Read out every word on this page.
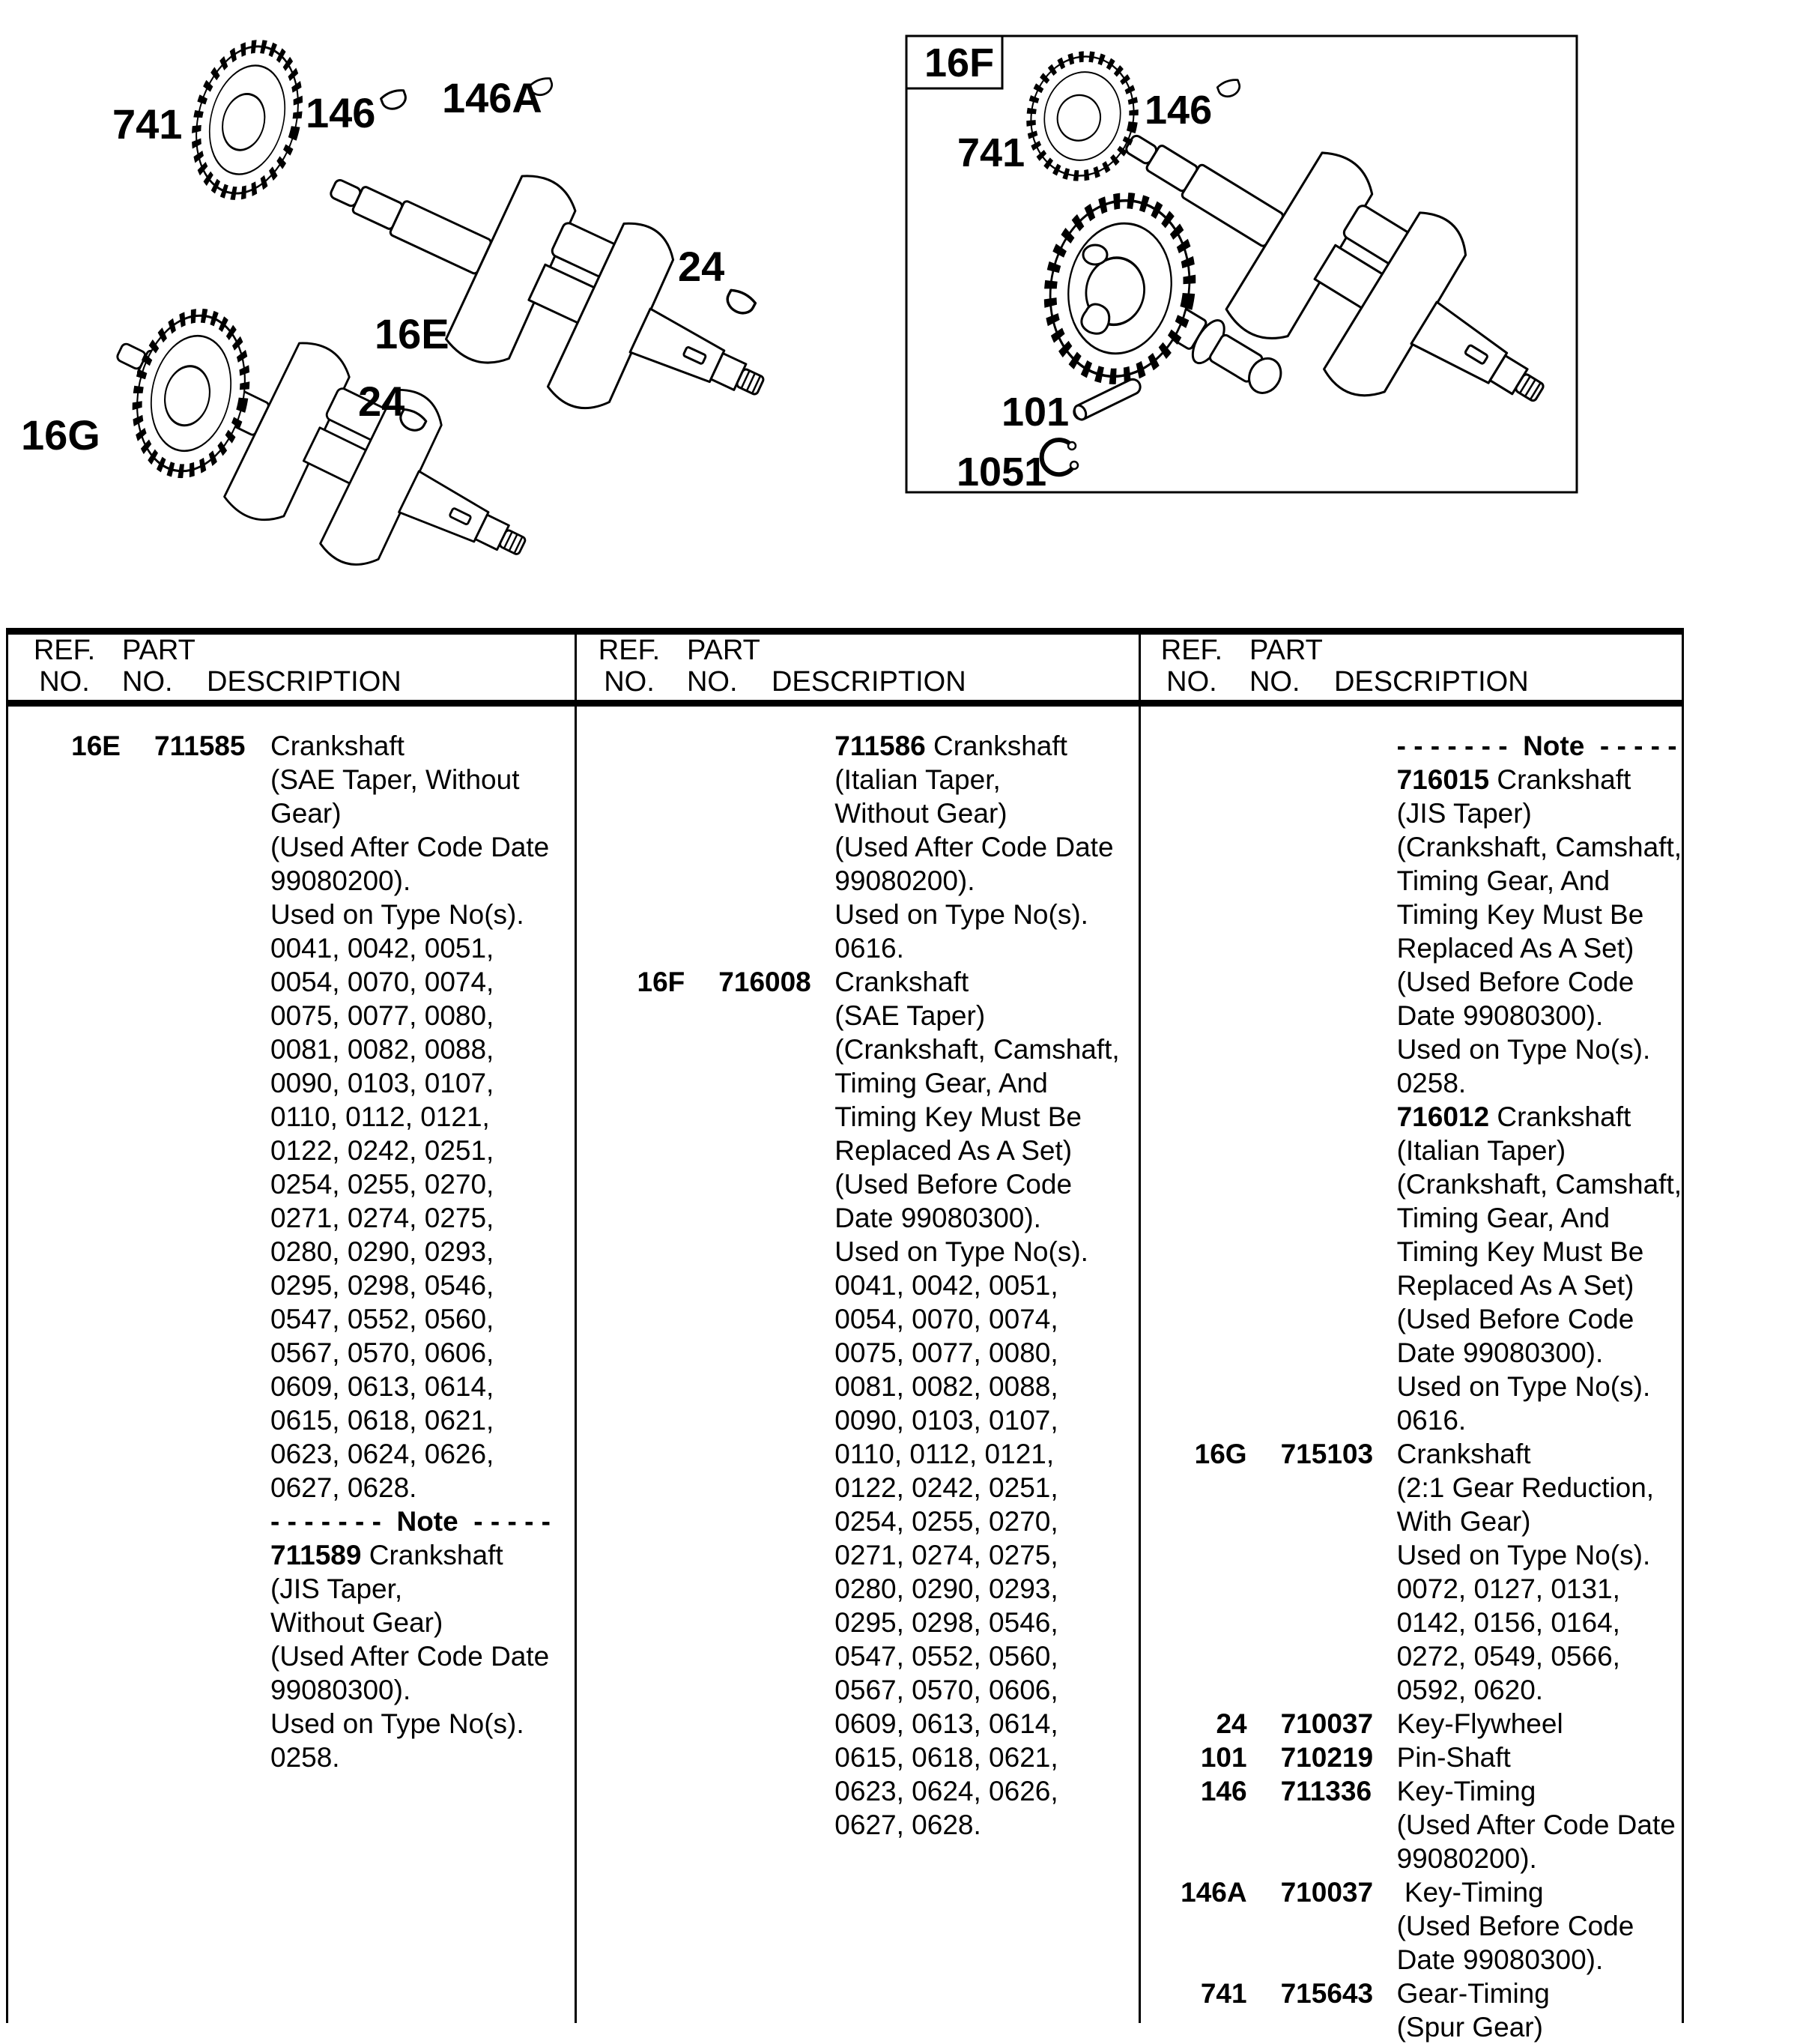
741	146 146A
24
16E
24
16G
16F
741
146
101
1051
REF.
NO.
PART
NO.	DESCRIPTION
REF.
NO.
PART
NO.	DESCRIPTION
REF.
NO.
PART
NO.	DESCRIPTION
16E	711585 Crankshaft
(SAE Taper, Without
Gear)
(Used After Code Date
99080200).
Used on Type No(s).
0041, 0042, 0051,
0054, 0070, 0074,
0075, 0077, 0080,
0081, 0082, 0088,
0090, 0103, 0107,
0110, 0112, 0121,
0122, 0242, 0251,
0254, 0255, 0270,
0271, 0274, 0275,
0280, 0290, 0293,
0295, 0298, 0546,
0547, 0552, 0560,
0567, 0570, 0606,
0609, 0613, 0614,
0615, 0618, 0621,
0623, 0624, 0626,
0627, 0628.
- - - - - - -  Note  - - - - -
711589 Crankshaft
(JIS Taper,
Without Gear)
(Used After Code Date
99080300).
Used on Type No(s).
0258.
711586 Crankshaft
(Italian Taper,
Without Gear)
(Used After Code Date
99080200).
Used on Type No(s).
0616.
16F	716008 Crankshaft
(SAE Taper)
(Crankshaft, Camshaft,
Timing Gear, And
Timing Key Must Be
Replaced As A Set)
(Used Before Code
Date 99080300).
Used on Type No(s).
0041, 0042, 0051,
0054, 0070, 0074,
0075, 0077, 0080,
0081, 0082, 0088,
0090, 0103, 0107,
0110, 0112, 0121,
0122, 0242, 0251,
0254, 0255, 0270,
0271, 0274, 0275,
0280, 0290, 0293,
0295, 0298, 0546,
0547, 0552, 0560,
0567, 0570, 0606,
0609, 0613, 0614,
0615, 0618, 0621,
0623, 0624, 0626,
0627, 0628.
- - - - - - -  Note  - - - - -
716015 Crankshaft
(JIS Taper)
(Crankshaft, Camshaft,
Timing Gear, And
Timing Key Must Be
Replaced As A Set)
(Used Before Code
Date 99080300).
Used on Type No(s).
0258.
716012 Crankshaft
(Italian Taper)
(Crankshaft, Camshaft,
Timing Gear, And
Timing Key Must Be
Replaced As A Set)
(Used Before Code
Date 99080300).
Used on Type No(s).
0616.
16G	715103 Crankshaft
(2:1 Gear Reduction,
With Gear)
Used on Type No(s).
0072, 0127, 0131,
0142, 0156, 0164,
0272, 0549, 0566,
0592, 0620.
24	710037 Key-Flywheel
101	710219 Pin-Shaft
146	711336 Key-Timing
(Used After Code Date
99080200).
146A	710037 Key-Timing
(Used Before Code
Date 99080300).
741	715643 Gear-Timing
(Spur Gear)
